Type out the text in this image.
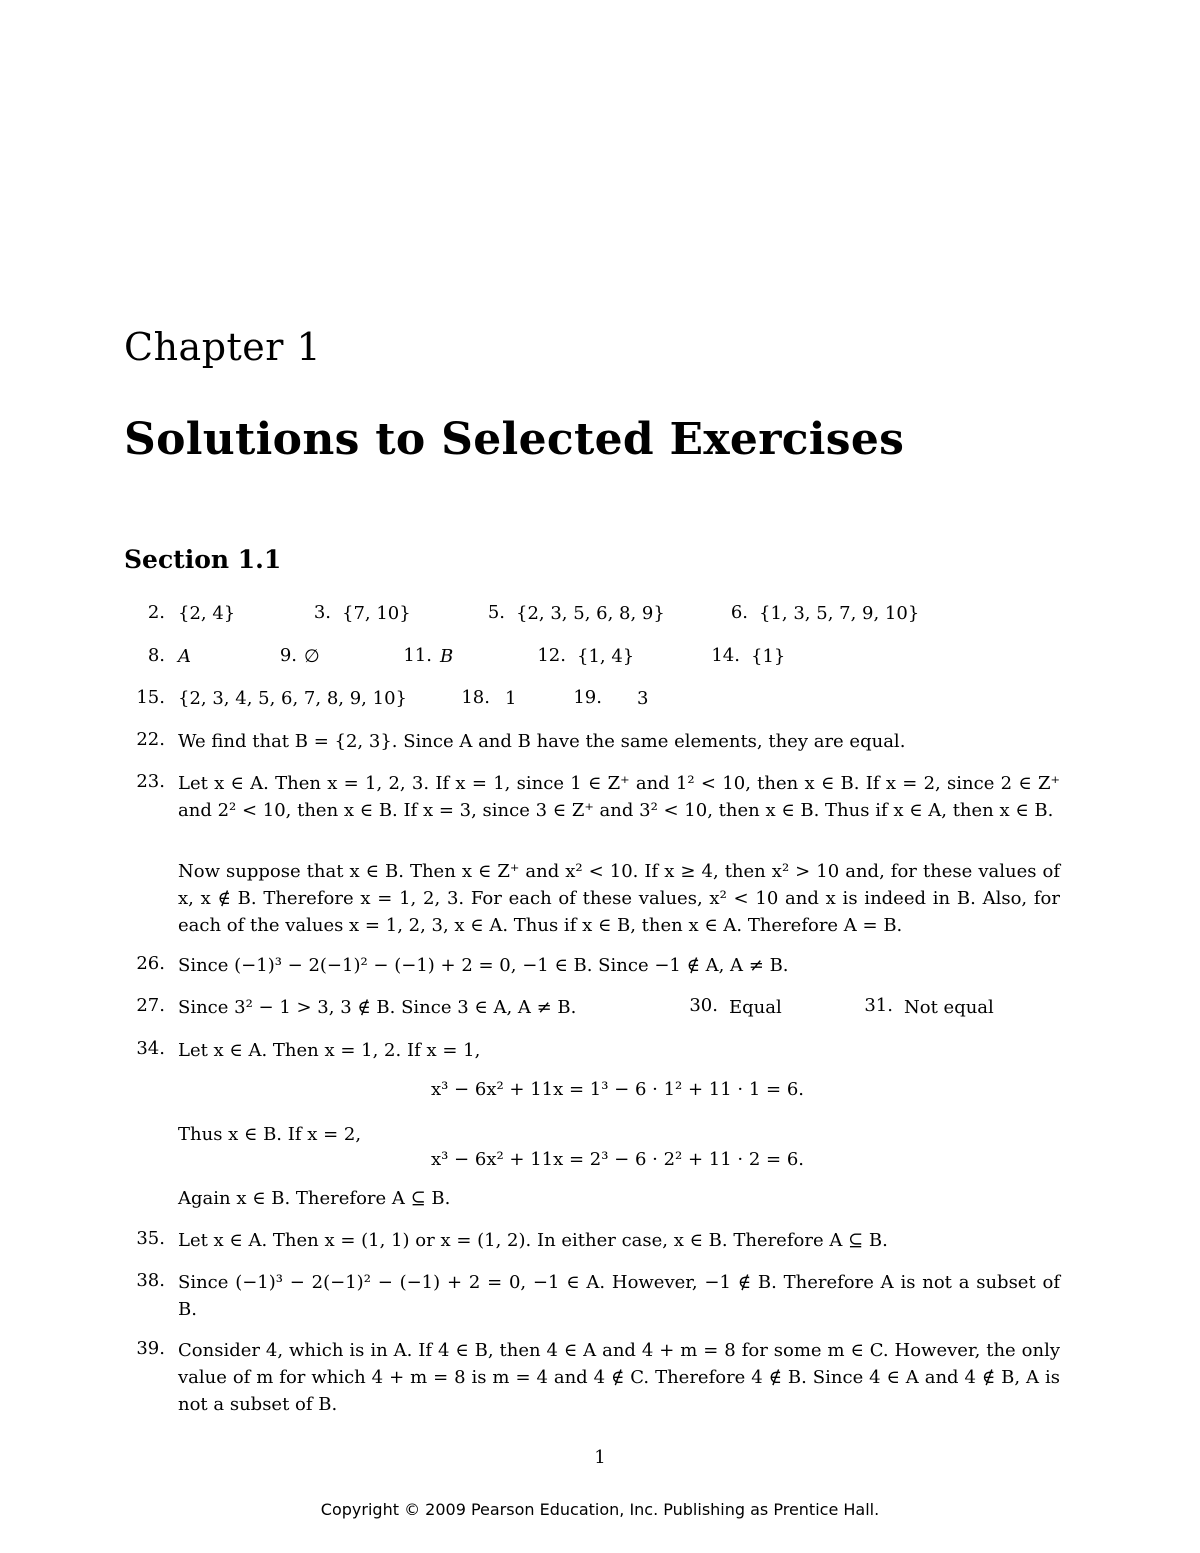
Chapter 1
Solutions to Selected Exercises
Section 1.1
2. {2, 4}	3. {7, 10}	5. {2, 3, 5, 6, 8, 9}	6. {1, 3, 5, 7, 9, 10}
8. A	9. ∅	11. B	12. {1, 4}	14. {1}
15. {2, 3, 4, 5, 6, 7, 8, 9, 10}	18. 1	19. 3
22. We find that B = {2, 3}. Since A and B have the same elements, they are equal.
23. Let x ∈ A. Then x = 1, 2, 3. If x = 1, since 1 ∈ Z⁺ and 1² < 10, then x ∈ B. If x = 2, since 2 ∈ Z⁺ and 2² < 10, then x ∈ B. If x = 3, since 3 ∈ Z⁺ and 3² < 10, then x ∈ B. Thus if x ∈ A, then x ∈ B.
Now suppose that x ∈ B. Then x ∈ Z⁺ and x² < 10. If x ≥ 4, then x² > 10 and, for these values of x, x ∉ B. Therefore x = 1, 2, 3. For each of these values, x² < 10 and x is indeed in B. Also, for each of the values x = 1, 2, 3, x ∈ A. Thus if x ∈ B, then x ∈ A. Therefore A = B.
26. Since (−1)³ − 2(−1)² − (−1) + 2 = 0, −1 ∈ B. Since −1 ∉ A, A ≠ B.
27. Since 3² − 1 > 3, 3 ∉ B. Since 3 ∈ A, A ≠ B.	30. Equal	31. Not equal
34. Let x ∈ A. Then x = 1, 2. If x = 1,
x³ − 6x² + 11x = 1³ − 6 · 1² + 11 · 1 = 6.
Thus x ∈ B. If x = 2,
x³ − 6x² + 11x = 2³ − 6 · 2² + 11 · 2 = 6.
Again x ∈ B. Therefore A ⊆ B.
35. Let x ∈ A. Then x = (1, 1) or x = (1, 2). In either case, x ∈ B. Therefore A ⊆ B.
38. Since (−1)³ − 2(−1)² − (−1) + 2 = 0, −1 ∈ A. However, −1 ∉ B. Therefore A is not a subset of B.
39. Consider 4, which is in A. If 4 ∈ B, then 4 ∈ A and 4 + m = 8 for some m ∈ C. However, the only value of m for which 4 + m = 8 is m = 4 and 4 ∉ C. Therefore 4 ∉ B. Since 4 ∈ A and 4 ∉ B, A is not a subset of B.
1
Copyright © 2009 Pearson Education, Inc. Publishing as Prentice Hall.
